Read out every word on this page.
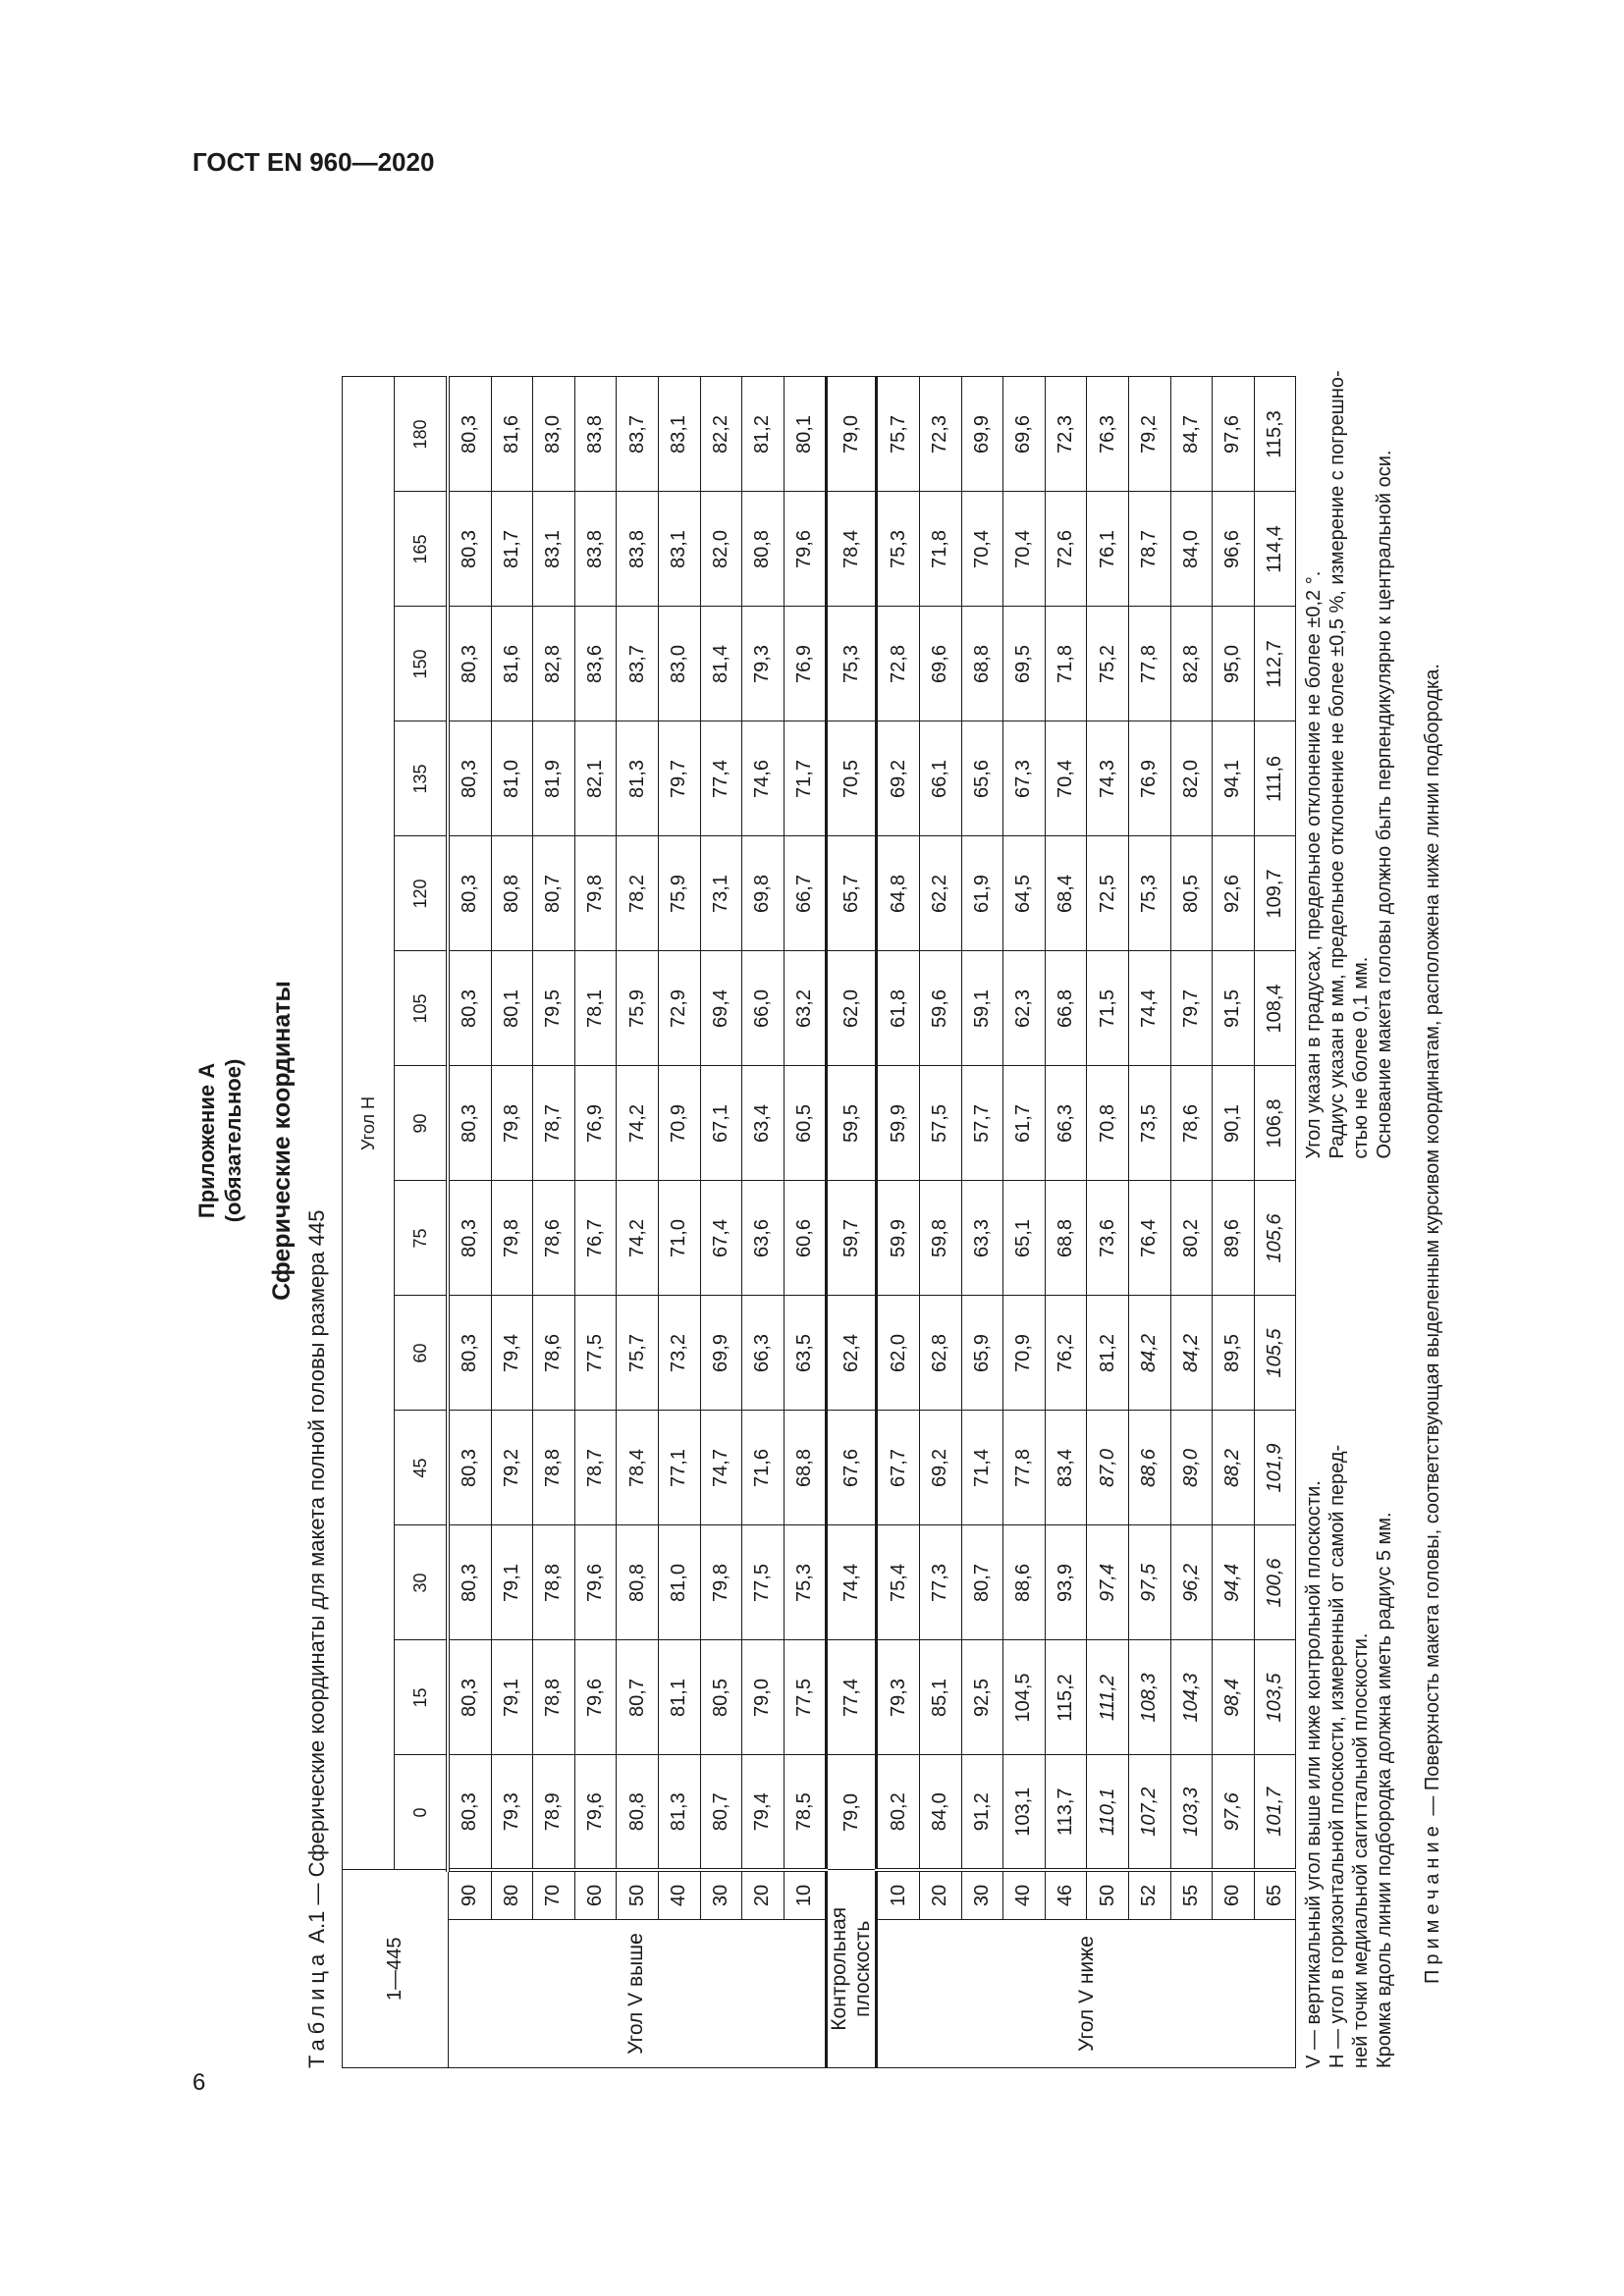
ГОСТ EN 960—2020
6
Приложение А (обязательное) Сферические координаты
Таблица А.1 — Сферические координаты для макета полной головы размера 445
1—445		Угол H												
		0	15	30	45	60	75	90	105	120	135	150	165	180
Угол V выше	90	80,3	80,3	80,3	80,3	80,3	80,3	80,3	80,3	80,3	80,3	80,3	80,3	80,3
	80	79,3	79,1	79,1	79,2	79,4	79,8	79,8	80,1	80,8	81,0	81,6	81,7	81,6
	70	78,9	78,8	78,8	78,8	78,6	78,6	78,7	79,5	80,7	81,9	82,8	83,1	83,0
	60	79,6	79,6	79,6	78,7	77,5	76,7	76,9	78,1	79,8	82,1	83,6	83,8	83,8
	50	80,8	80,7	80,8	78,4	75,7	74,2	74,2	75,9	78,2	81,3	83,7	83,8	83,7
	40	81,3	81,1	81,0	77,1	73,2	71,0	70,9	72,9	75,9	79,7	83,0	83,1	83,1
	30	80,7	80,5	79,8	74,7	69,9	67,4	67,1	69,4	73,1	77,4	81,4	82,0	82,2
	20	79,4	79,0	77,5	71,6	66,3	63,6	63,4	66,0	69,8	74,6	79,3	80,8	81,2
	10	78,5	77,5	75,3	68,8	63,5	60,6	60,5	63,2	66,7	71,7	76,9	79,6	80,1
Контрольная плоскость		79,0	77,4	74,4	67,6	62,4	59,7	59,5	62,0	65,7	70,5	75,3	78,4	79,0
Угол V ниже	10	80,2	79,3	75,4	67,7	62,0	59,9	59,9	61,8	64,8	69,2	72,8	75,3	75,7
	20	84,0	85,1	77,3	69,2	62,8	59,8	57,5	59,6	62,2	66,1	69,6	71,8	72,3
	30	91,2	92,5	80,7	71,4	65,9	63,3	57,7	59,1	61,9	65,6	68,8	70,4	69,9
	40	103,1	104,5	88,6	77,8	70,9	65,1	61,7	62,3	64,5	67,3	69,5	70,4	69,6
	46	113,7	115,2	93,9	83,4	76,2	68,8	66,3	66,8	68,4	70,4	71,8	72,6	72,3
	50	110,1	111,2	97,4	87,0	81,2	73,6	70,8	71,5	72,5	74,3	75,2	76,1	76,3
	52	107,2	108,3	97,5	88,6	84,2	76,4	73,5	74,4	75,3	76,9	77,8	78,7	79,2
	55	103,3	104,3	96,2	89,0	84,2	80,2	78,6	79,7	80,5	82,0	82,8	84,0	84,7
	60	97,6	98,4	94,4	88,2	89,5	89,6	90,1	91,5	92,6	94,1	95,0	96,6	97,6
	65	101,7	103,5	100,6	101,9	105,5	105,6	106,8	108,4	109,7	111,6	112,7	114,4	115,3
V — вертикальный угол выше или ниже контрольной плоскости. H — угол в горизонтальной плоскости, измеренный от самой перед- ней точки медиальной сагиттальной плоскости. Кромка вдоль линии подбородка должна иметь радиус 5 мм.
Угол указан в градусах, предельное отклонение не более ±0,2 °. Радиус указан в мм, предельное отклонение не более ±0,5 %, измерение с погрешно- стью не более 0,1 мм. Основание макета головы должно быть перпендикулярно к центральной оси.
Примечание — Поверхность макета головы, соответствующая выделенным курсивом координатам, расположена ниже линии подбородка.
